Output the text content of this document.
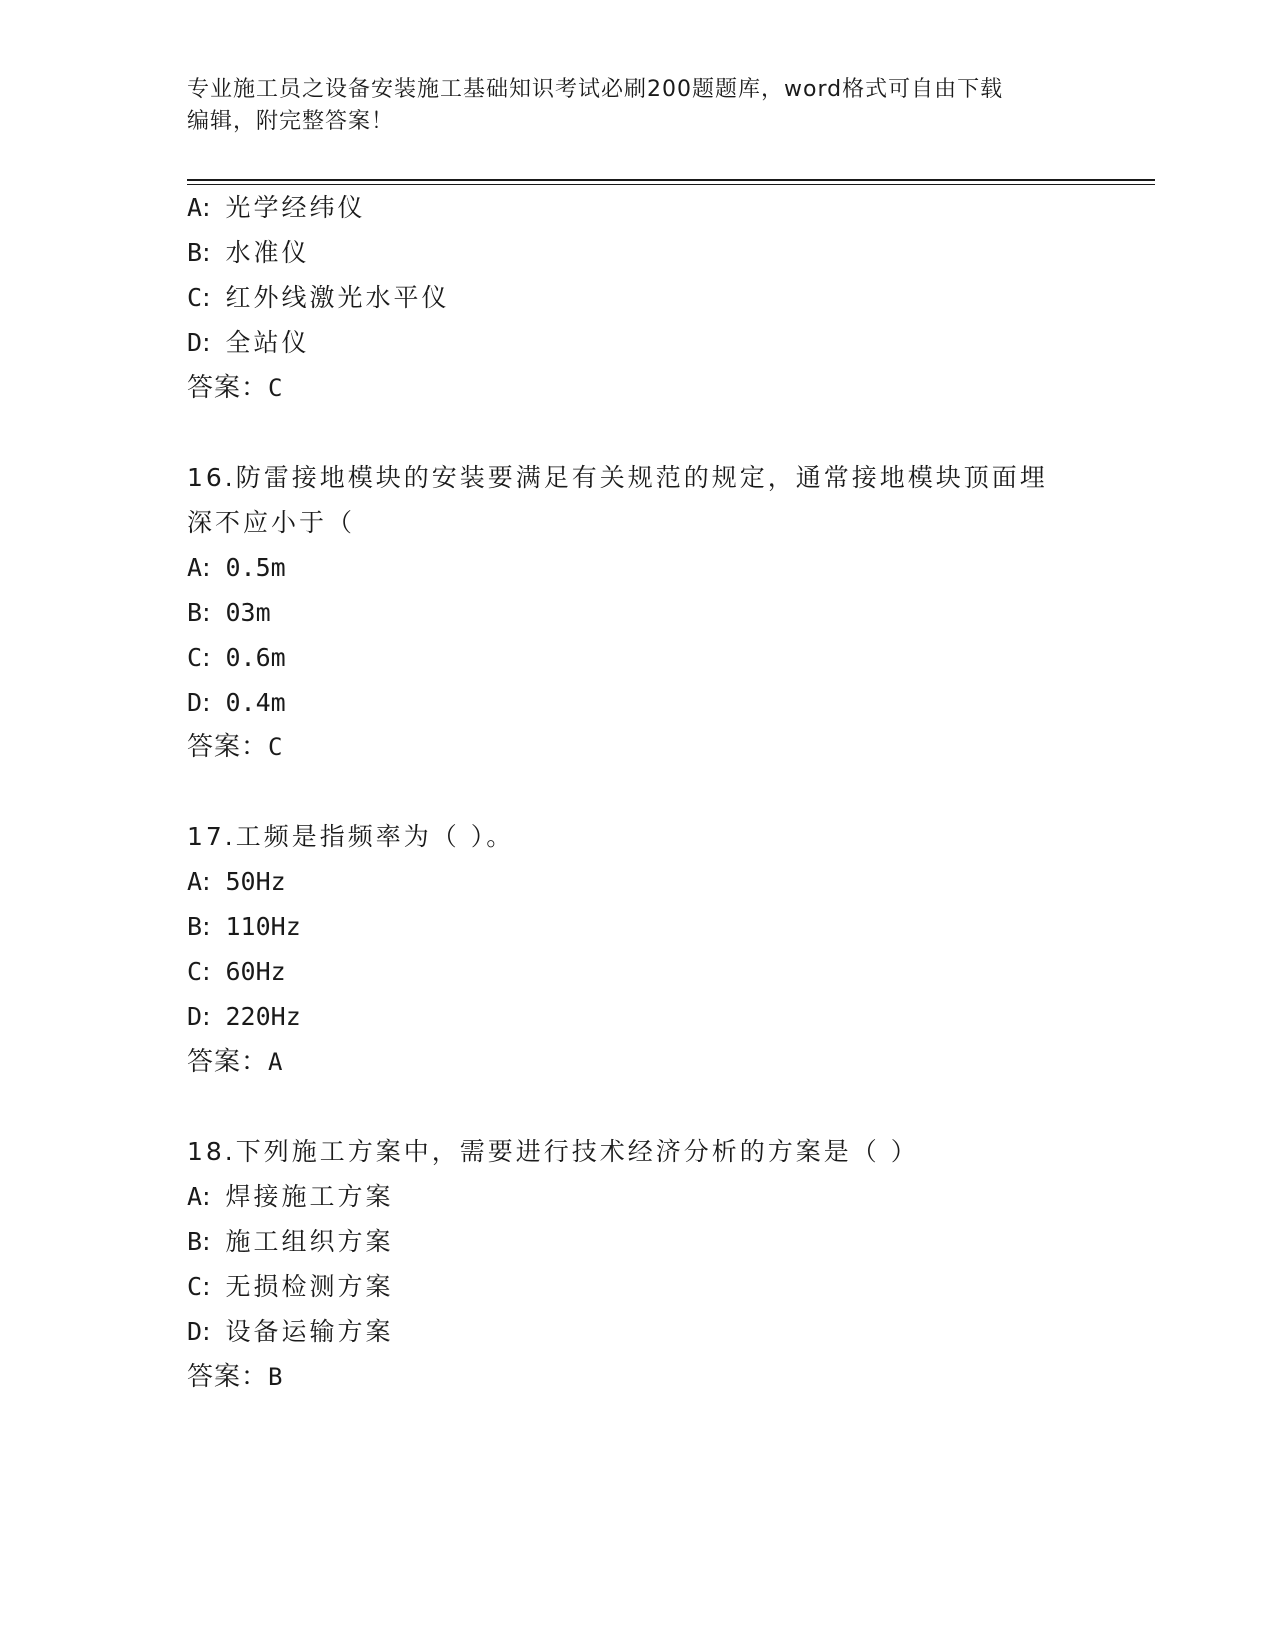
专业施工员之设备安装施工基础知识考试必刷200题题库，word格式可自由下载
编辑，附完整答案！
A: 光学经纬仪
B: 水准仪
C: 红外线激光水平仪
D: 全站仪
答案：C
16.防雷接地模块的安装要满足有关规范的规定，通常接地模块顶面埋
深不应小于（
A: 0.5m
B: 03m
C: 0.6m
D: 0.4m
答案：C
17.工频是指频率为（ ）。
A: 50Hz
B: 110Hz
C: 60Hz
D: 220Hz
答案：A
18.下列施工方案中，需要进行技术经济分析的方案是（ ）
A: 焊接施工方案
B: 施工组织方案
C: 无损检测方案
D: 设备运输方案
答案：B
